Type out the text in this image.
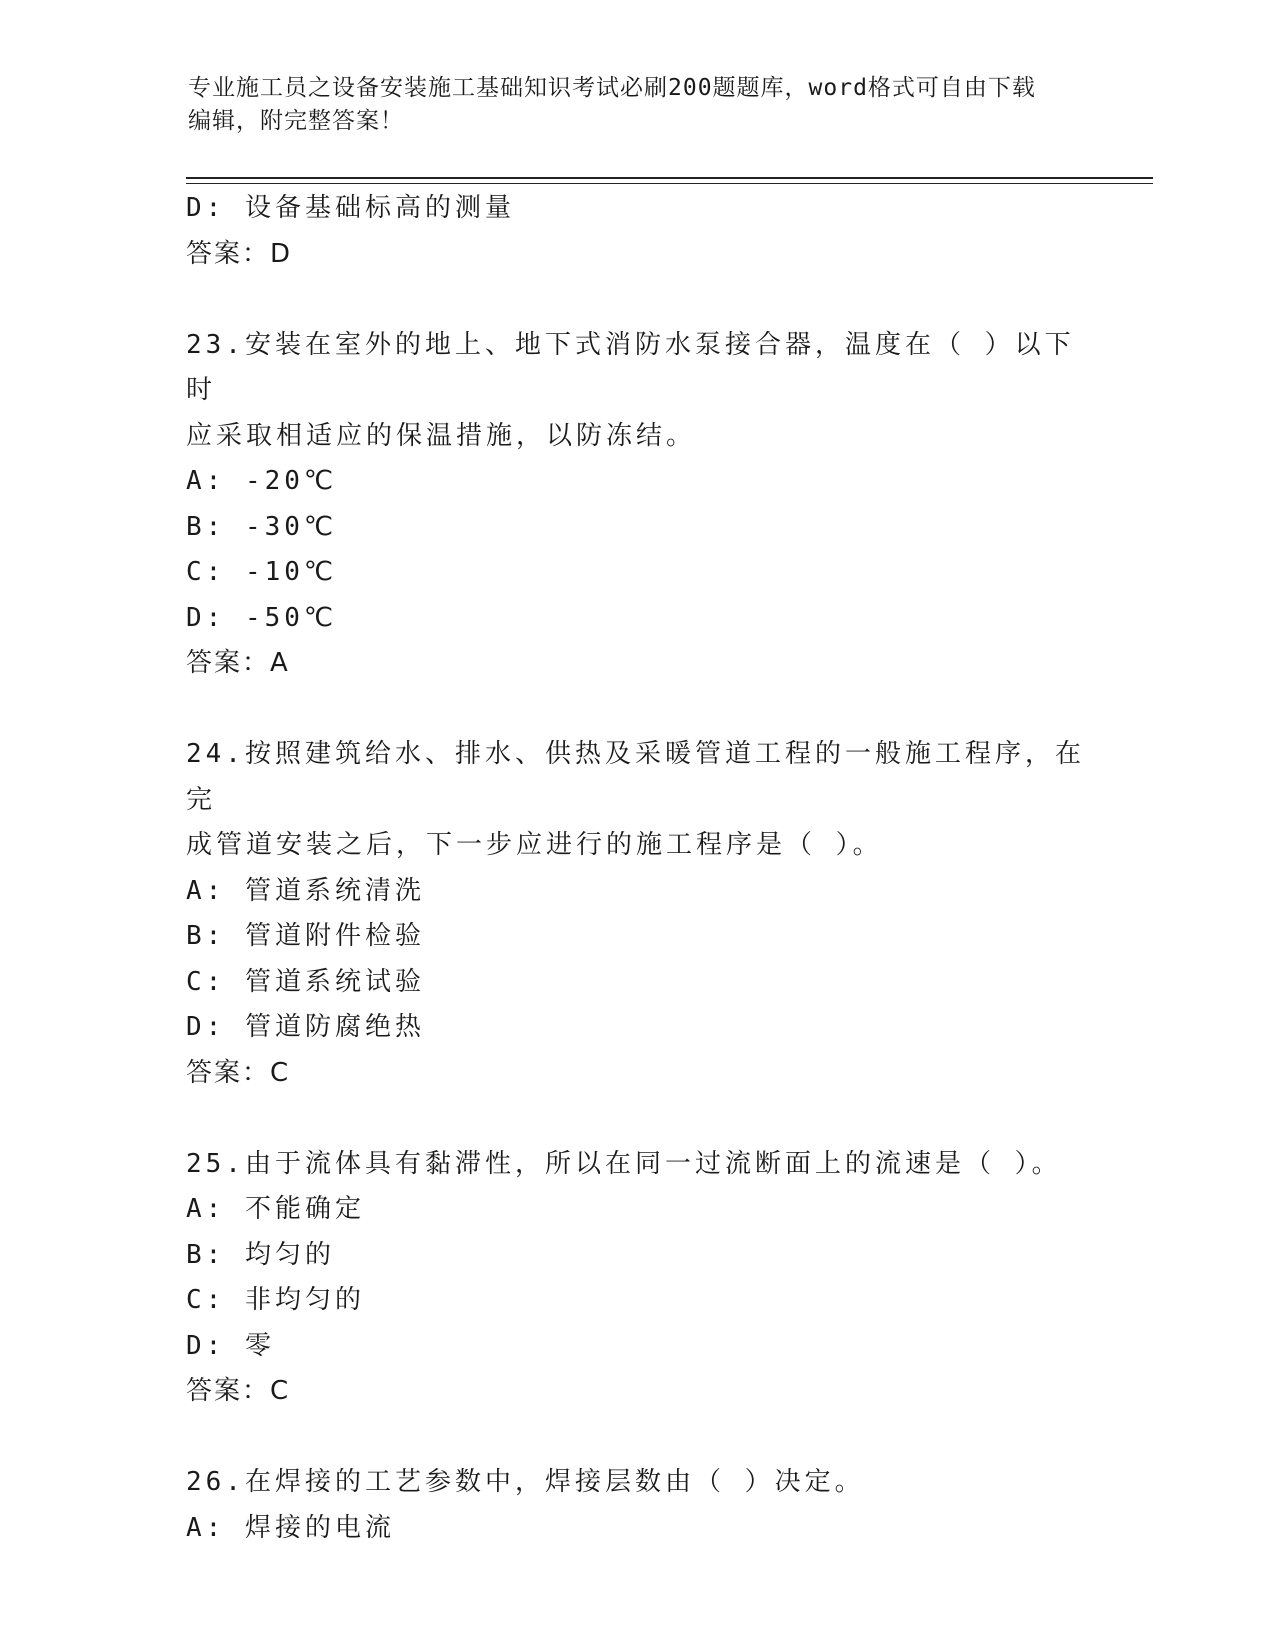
专业施工员之设备安装施工基础知识考试必刷200题题库，word格式可自由下载
编辑，附完整答案！
D: 设备基础标高的测量
答案：D
23.安装在室外的地上、地下式消防水泵接合器，温度在（ ）以下时
应采取相适应的保温措施，以防冻结。
A: -20℃
B: -30℃
C: -10℃
D: -50℃
答案：A
24.按照建筑给水、排水、供热及采暖管道工程的一般施工程序，在完
成管道安装之后，下一步应进行的施工程序是（ ）。
A: 管道系统清洗
B: 管道附件检验
C: 管道系统试验
D: 管道防腐绝热
答案：C
25.由于流体具有黏滞性，所以在同一过流断面上的流速是（ ）。
A: 不能确定
B: 均匀的
C: 非均匀的
D: 零
答案：C
26.在焊接的工艺参数中，焊接层数由（ ）决定。
A: 焊接的电流
